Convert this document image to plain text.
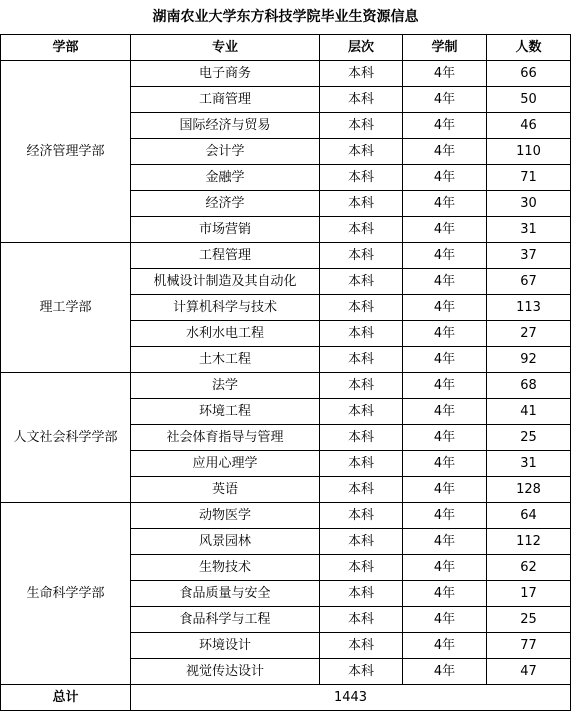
湖南农业大学东方科技学院毕业生资源信息
学部	专业	层次	学制	人数
经济管理学部	电子商务	本科	4年	66
	工商管理	本科	4年	50
	国际经济与贸易	本科	4年	46
	会计学	本科	4年	110
	金融学	本科	4年	71
	经济学	本科	4年	30
	市场营销	本科	4年	31
理工学部	工程管理	本科	4年	37
	机械设计制造及其自动化	本科	4年	67
	计算机科学与技术	本科	4年	113
	水利水电工程	本科	4年	27
	土木工程	本科	4年	92
人文社会科学学部	法学	本科	4年	68
	环境工程	本科	4年	41
	社会体育指导与管理	本科	4年	25
	应用心理学	本科	4年	31
	英语	本科	4年	128
生命科学学部	动物医学	本科	4年	64
	风景园林	本科	4年	112
	生物技术	本科	4年	62
	食品质量与安全	本科	4年	17
	食品科学与工程	本科	4年	25
	环境设计	本科	4年	77
	视觉传达设计	本科	4年	47
总计	1443			
